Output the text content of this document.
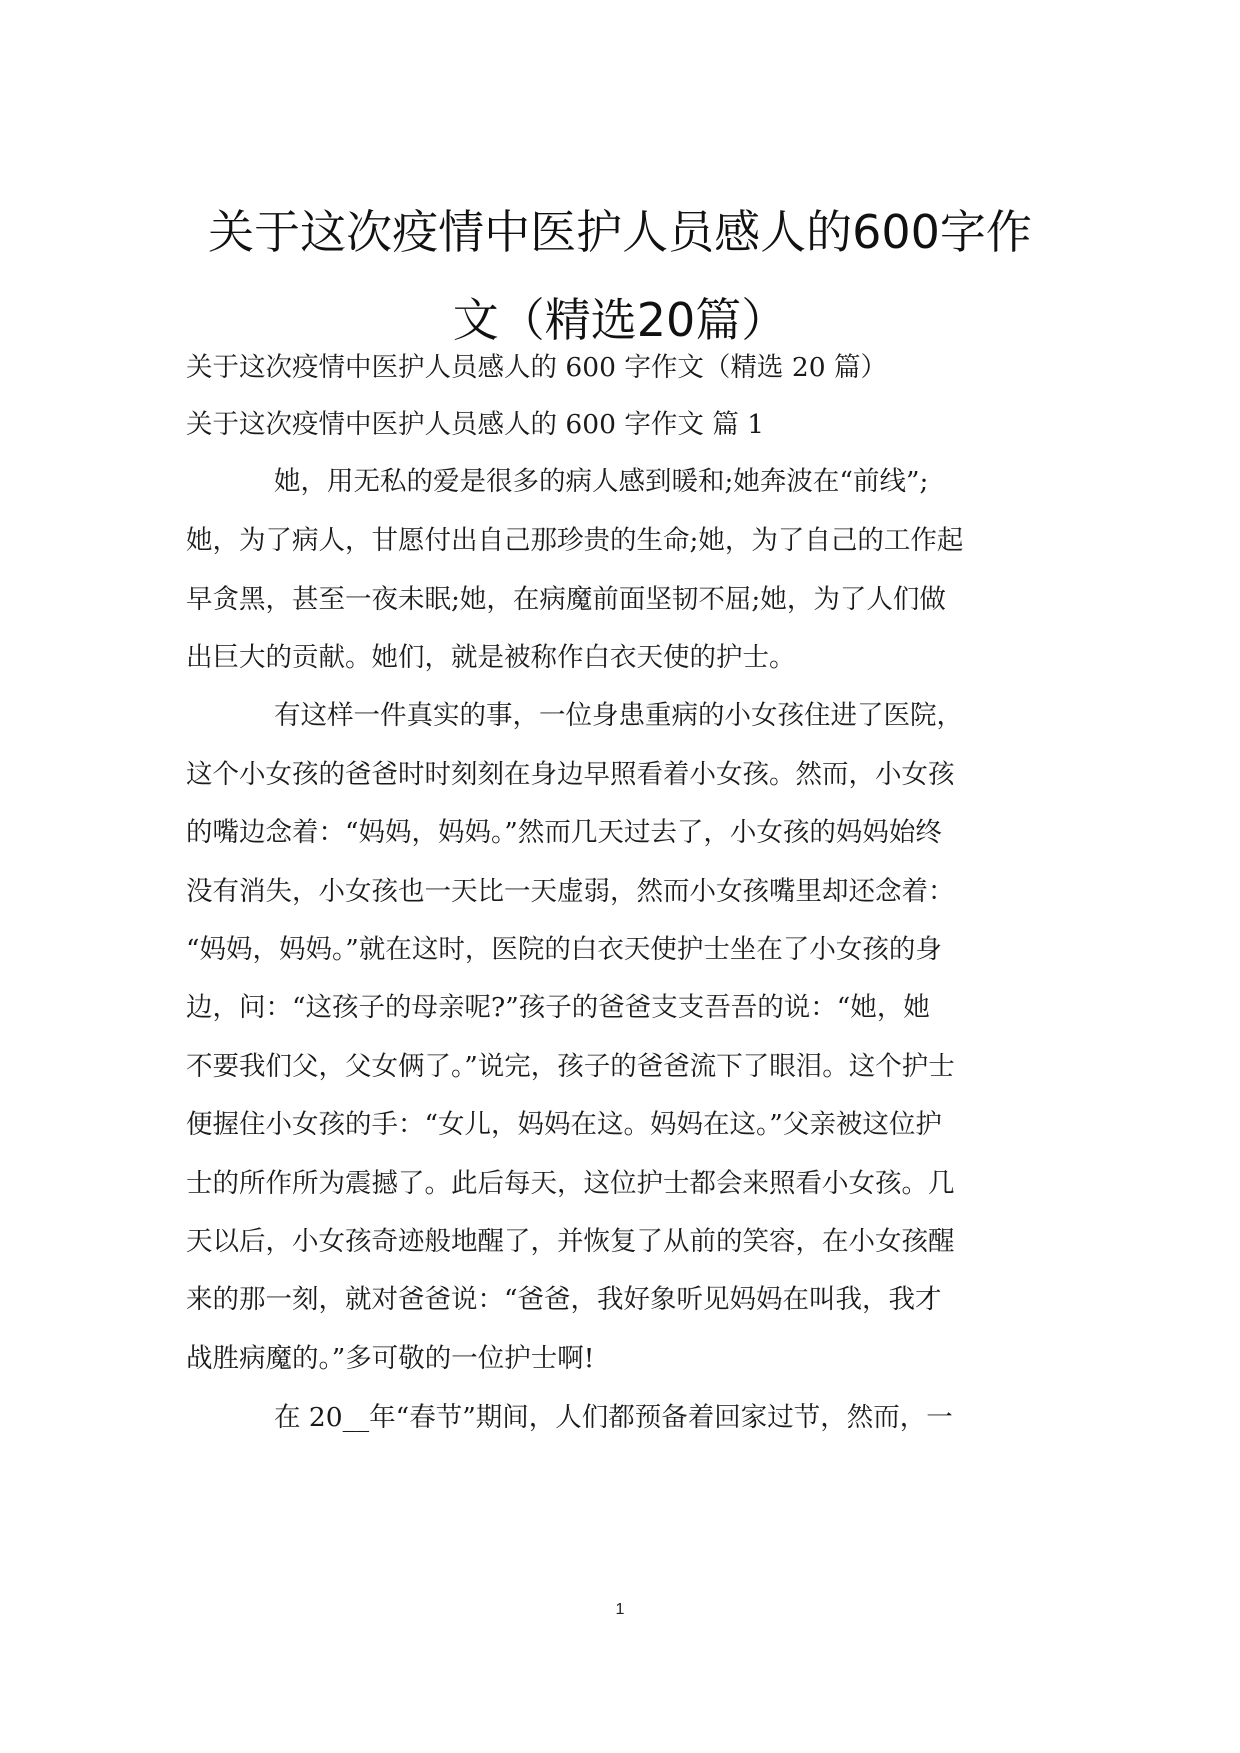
关于这次疫情中医护人员感人的600字作
文（精选20篇）
关于这次疫情中医护人员感人的 600 字作文（精选 20 篇）
关于这次疫情中医护人员感人的 600 字作文 篇 1
她，用无私的爱是很多的病人感到暖和;她奔波在“前线”;
她，为了病人，甘愿付出自己那珍贵的生命;她，为了自己的工作起
早贪黑，甚至一夜未眠;她，在病魔前面坚韧不屈;她，为了人们做
出巨大的贡献。她们，就是被称作白衣天使的护士。
有这样一件真实的事，一位身患重病的小女孩住进了医院，
这个小女孩的爸爸时时刻刻在身边早照看着小女孩。然而，小女孩
的嘴边念着：“妈妈，妈妈。”然而几天过去了，小女孩的妈妈始终
没有消失，小女孩也一天比一天虚弱，然而小女孩嘴里却还念着：
“妈妈，妈妈。”就在这时，医院的白衣天使护士坐在了小女孩的身
边，问：“这孩子的母亲呢?”孩子的爸爸支支吾吾的说：“她，她
不要我们父，父女俩了。”说完，孩子的爸爸流下了眼泪。这个护士
便握住小女孩的手：“女儿，妈妈在这。妈妈在这。”父亲被这位护
士的所作所为震撼了。此后每天，这位护士都会来照看小女孩。几
天以后，小女孩奇迹般地醒了，并恢复了从前的笑容，在小女孩醒
来的那一刻，就对爸爸说：“爸爸，我好象听见妈妈在叫我，我才
战胜病魔的。”多可敬的一位护士啊!
在 20__年“春节”期间，人们都预备着回家过节，然而，一
1
